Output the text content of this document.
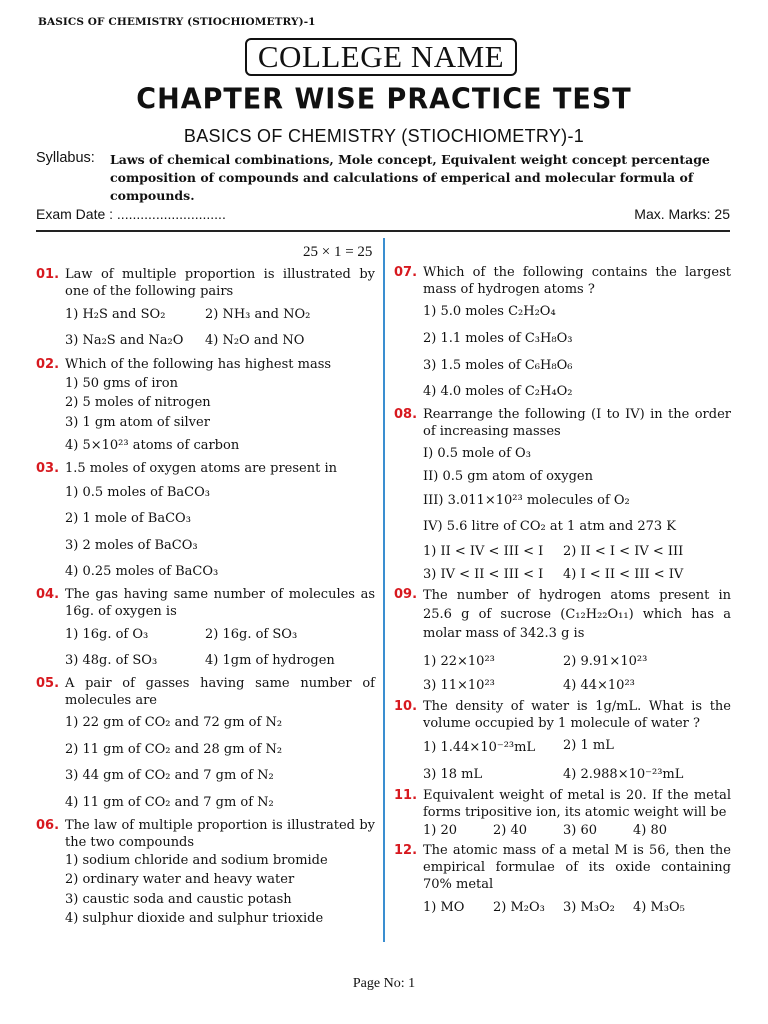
BASICS OF CHEMISTRY (STIOCHIOMETRY)-1
COLLEGE NAME
CHAPTER WISE PRACTICE TEST
BASICS OF CHEMISTRY (STIOCHIOMETRY)-1
Syllabus: Laws of chemical combinations, Mole concept, Equivalent weight concept percentage composition of compounds and calculations of emperical and molecular formula of compounds.
Exam Date : ............................	Max. Marks: 25
25 × 1 = 25
01. Law of multiple proportion is illustrated by one of the following pairs
1) H₂S and SO₂	2) NH₃ and NO₂
3) Na₂S and Na₂O 4) N₂O and NO
02. Which of the following has highest mass
1) 50 gms of iron
2) 5 moles of nitrogen
3) 1 gm atom of silver
4) 5×10²³ atoms of carbon
03. 1.5 moles of oxygen atoms are present in
1) 0.5 moles of BaCO₃
2) 1 mole of BaCO₃
3) 2 moles of BaCO₃
4) 0.25 moles of BaCO₃
04. The gas having same number of molecules as 16g. of oxygen is
1) 16g. of O₃	2) 16g. of SO₃
3) 48g. of SO₃	4) 1gm of hydrogen
05. A pair of gasses having same number of molecules are
1) 22 gm of CO₂ and 72 gm of N₂
2) 11 gm of CO₂ and 28 gm of N₂
3) 44 gm of CO₂ and 7 gm of N₂
4) 11 gm of CO₂ and 7 gm of N₂
06. The law of multiple proportion is illustrated by the two compounds
1) sodium chloride and sodium bromide
2) ordinary water and heavy water
3) caustic soda and caustic potash
4) sulphur dioxide and sulphur trioxide
07. Which of the following contains the largest mass of hydrogen atoms ?
1) 5.0 moles C₂H₂O₄
2) 1.1 moles of C₃H₈O₃
3) 1.5 moles of C₆H₈O₆
4) 4.0 moles of C₂H₄O₂
08. Rearrange the following (I to IV) in the order of increasing masses
I) 0.5 mole of O₃
II) 0.5 gm atom of oxygen
III) 3.011×10²³ molecules of O₂
IV) 5.6 litre of CO₂ at 1 atm and 273 K
1) II < IV < III < I 2) II < I < IV < III
3) IV < II < III < I 4) I < II < III < IV
09. The number of hydrogen atoms present in 25.6 g of sucrose (C₁₂H₂₂O₁₁) which has a molar mass of 342.3 g is
1) 22×10²³	2) 9.91×10²³
3) 11×10²³	4) 44×10²³
10. The density of water is 1g/mL. What is the volume occupied by 1 molecule of water ?
1) 1.44×10⁻²³mL 2) 1 mL
3) 18 mL	4) 2.988×10⁻²³mL
11. Equivalent weight of metal is 20. If the metal forms tripositive ion, its atomic weight will be
1) 20	2) 40	3) 60	4) 80
12. The atomic mass of a metal M is 56, then the empirical formulae of its oxide containing 70% metal
1) MO 2) M₂O₃ 3) M₃O₂ 4) M₃O₅
Page No: 1
